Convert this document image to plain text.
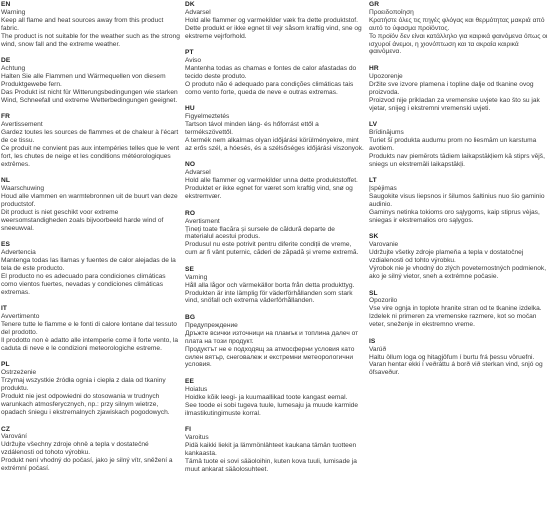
EN
Warning
Keep all flame and heat sources away from this product fabric.
The product is not suitable for the weather such as the strong wind, snow fall and the extreme weather.
DE
Achtung
Halten Sie alle Flammen und Wärmequellen von diesem Produktgewebe fern.
Das Produkt ist nicht für Witterungsbedingungen wie starken Wind, Schneefall und extreme Wetterbedingungen geeignet.
FR
Avertissement
Gardez toutes les sources de flammes et de chaleur à l'écart de ce tissu.
Ce produit ne convient pas aux intempéries telles que le vent fort, les chutes de neige et les conditions météorologiques extrêmes.
NL
Waarschuwing
Houd alle vlammen en warmtebronnen uit de buurt van deze productstof.
Dit product is niet geschikt voor extreme weersomstandigheden zoals bijvoorbeeld harde wind of sneeuwval.
ES
Advertencia
Mantenga todas las llamas y fuentes de calor alejadas de la tela de este producto.
El producto no es adecuado para condiciones climáticas como vientos fuertes, nevadas y condiciones climáticas extremas.
IT
Avvertimento
Tenere tutte le fiamme e le fonti di calore lontane dal tessuto del prodotto.
Il prodotto non è adatto alle intemperie come il forte vento, la caduta di neve e le condizioni meteorologiche estreme.
PL
Ostrzeżenie
Trzymaj wszystkie źródła ognia i ciepła z dala od tkaniny produktu.
Produkt nie jest odpowiedni do stosowania w trudnych warunkach atmosferycznych, np.: przy silnym wietrze, opadach śniegu i ekstremalnych zjawiskach pogodowych.
CZ
Varování
Udržujte všechny zdroje ohně a tepla v dostatečné vzdálenosti od tohoto výrobku.
Produkt není vhodný do počasí, jako je silný vítr, sněžení a extrémní počasí.
DK
Advarsel
Hold alle flammer og varmekilder væk fra dette produktstof.
Dette produkt er ikke egnet til vejr såsom kraftig vind, sne og ekstreme vejrforhold.
PT
Aviso
Mantenha todas as chamas e fontes de calor afastadas do tecido deste produto.
O produto não é adequado para condições climáticas tais como vento forte, queda de neve e outras extremas.
HU
Figyelmeztetés
Tartson távol minden láng- és hőforrást ettől a termékszövettől.
A termék nem alkalmas olyan időjárási körülményekre, mint az erős szél, a hóesés, és a szélsőséges időjárási viszonyok.
NO
Advarsel
Hold alle flammer og varmekilder unna dette produktstoffet.
Produktet er ikke egnet for været som kraftig vind, snø og ekstremvær.
RO
Avertisment
Țineți toate flacăra și sursele de căldură departe de materialul acestui produs.
Produsul nu este potrivit pentru diferite condiții de vreme, cum ar fi vânt puternic, căderi de zăpadă și vreme extremă.
SE
Varning
Håll alla lågor och värmekällor borta från detta produkttyg.
Produkten är inte lämplig för väderförhållanden som stark vind, snöfall och extrema väderförhållanden.
BG
Предупреждение
Дръжте всички източници на пламък и топлина далеч от плата на този продукт.
Продуктът не е подходящ за атмосферни условия като силен вятър, снеговалеж и екстремни метеорологични условия.
EE
Hoiatus
Hoidke kõik leegi- ja kuumaallikad toote kangast eemal.
See toode ei sobi tugeva tuule, lumesaju ja muude karmide ilmastikutingimuste korral.
FI
Varoitus
Pidä kaikki liekit ja lämmönlähteet kaukana tämän tuotteen kankaasta.
Tämä tuote ei sovi sääoloihin, kuten kova tuuli, lumisade ja muut ankarat sääolosuhteet.
GR
Προειδοποίηση
Κρατήστε όλες τις πηγές φλόγας και θερμότητας μακριά από αυτό το ύφασμα προϊόντος.
Το προϊόν δεν είναι κατάλληλο για καιρικά φαινόμενα όπως οι ισχυροί άνεμοι, η χιονόπτωση και τα ακραία καιρικά φαινόμενα.
HR
Upozorenje
Držite sve izvore plamena i topline dalje od tkanine ovog proizvoda.
Proizvod nije prikladan za vremenske uvjete kao što su jak vjetar, snijeg i ekstremni vremenski uvjeti.
LV
Brīdinājums
Turiet šī produkta audumu prom no liesmām un karstuma avotiem.
Produkts nav piemērots tādiem laikapstākļiem kā stiprs vējš, sniegs un ekstremāli laikapstākļi.
LT
Įspėjimas
Saugokite visus liepsnos ir šilumos šaltinius nuo šio gaminio audinio.
Gaminys netinka tokioms oro sąlygoms, kaip stiprus vėjas, sniegas ir ekstremalios oro sąlygos.
SK
Varovanie
Udržujte všetky zdroje plameňa a tepla v dostatočnej vzdialenosti od tohto výrobku.
Výrobok nie je vhodný do zlých poveternostných podmienok, ako je silný vietor, sneh a extrémne počasie.
SL
Opozorilo
Vse vire ognja in toplote hranite stran od te tkanine izdelka.
Izdelek ni primeren za vremenske razmere, kot so močan veter, sneženje in ekstremno vreme.
IS
Varúð
Haltu öllum loga og hitagjöfum í burtu frá þessu vöruefni.
Varan hentar ekki í veðráttu á borð við sterkan vind, snjó og öfsaveður.
